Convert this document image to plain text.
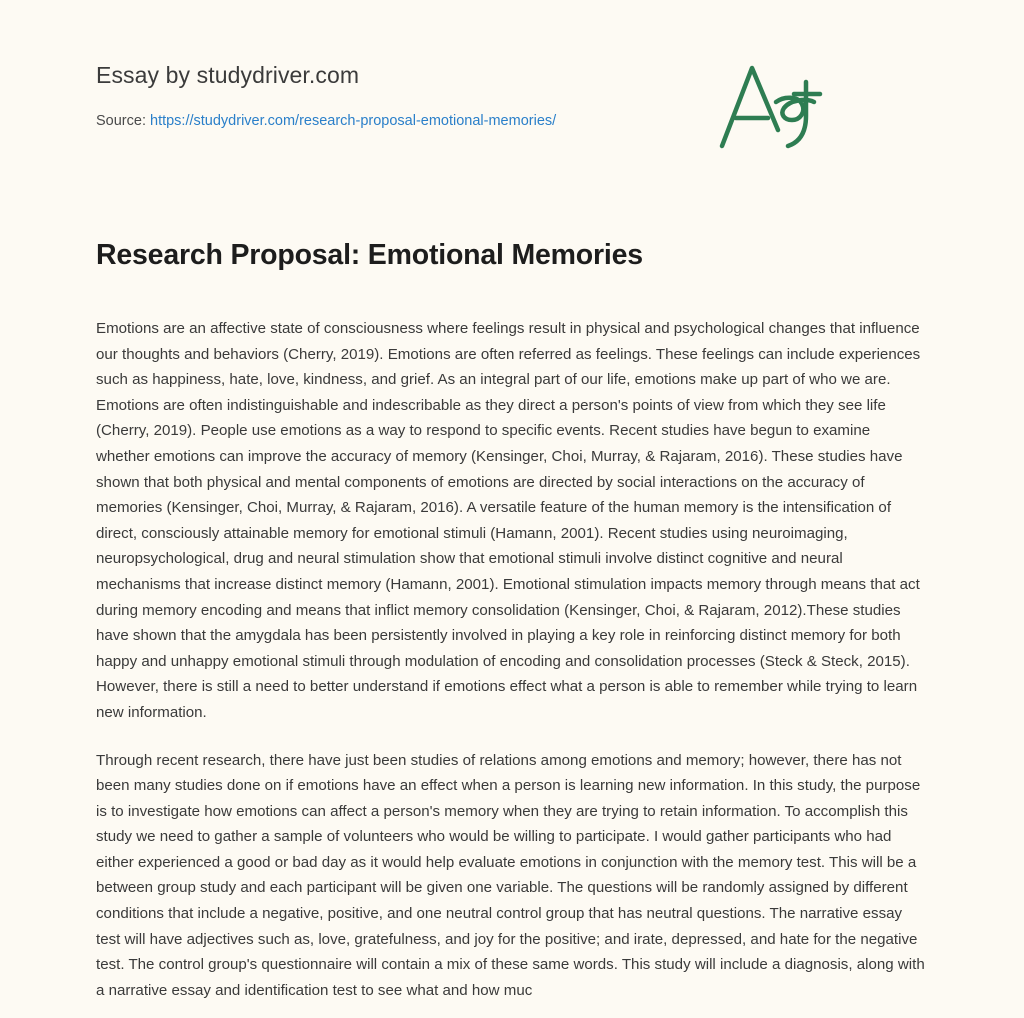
Essay by studydriver.com
Source: https://studydriver.com/research-proposal-emotional-memories/
Research Proposal: Emotional Memories

Emotions are an affective state of consciousness where feelings result in physical and psychological changes that influence our thoughts and behaviors (Cherry, 2019). Emotions are often referred as feelings. These feelings can include experiences such as happiness, hate, love, kindness, and grief. As an integral part of our life, emotions make up part of who we are. Emotions are often indistinguishable and indescribable as they direct a person's points of view from which they see life (Cherry, 2019). People use emotions as a way to respond to specific events. Recent studies have begun to examine whether emotions can improve the accuracy of memory (Kensinger, Choi, Murray, & Rajaram, 2016). These studies have shown that both physical and mental components of emotions are directed by social interactions on the accuracy of memories (Kensinger, Choi, Murray, & Rajaram, 2016). A versatile feature of the human memory is the intensification of direct, consciously attainable memory for emotional stimuli (Hamann, 2001). Recent studies using neuroimaging, neuropsychological, drug and neural stimulation show that emotional stimuli involve distinct cognitive and neural mechanisms that increase distinct memory (Hamann, 2001). Emotional stimulation impacts memory through means that act during memory encoding and means that inflict memory consolidation (Kensinger, Choi, & Rajaram, 2012).These studies have shown that the amygdala has been persistently involved in playing a key role in reinforcing distinct memory for both happy and unhappy emotional stimuli through modulation of encoding and consolidation processes (Steck & Steck, 2015). However, there is still a need to better understand if emotions effect what a person is able to remember while trying to learn new information.

Through recent research, there have just been studies of relations among emotions and memory; however, there has not been many studies done on if emotions have an effect when a person is learning new information. In this study, the purpose is to investigate how emotions can affect a person's memory when they are trying to retain information. To accomplish this study we need to gather a sample of volunteers who would be willing to participate. I would gather participants who had either experienced a good or bad day as it would help evaluate emotions in conjunction with the memory test. This will be a between group study and each participant will be given one variable. The questions will be randomly assigned by different conditions that include a negative, positive, and one neutral control group that has neutral questions. The narrative essay test will have adjectives such as, love, gratefulness, and joy for the positive; and irate, depressed, and hate for the negative test. The control group's questionnaire will contain a mix of these same words. This study will include a diagnosis, along with a narrative essay and identification test to see what and how muc
